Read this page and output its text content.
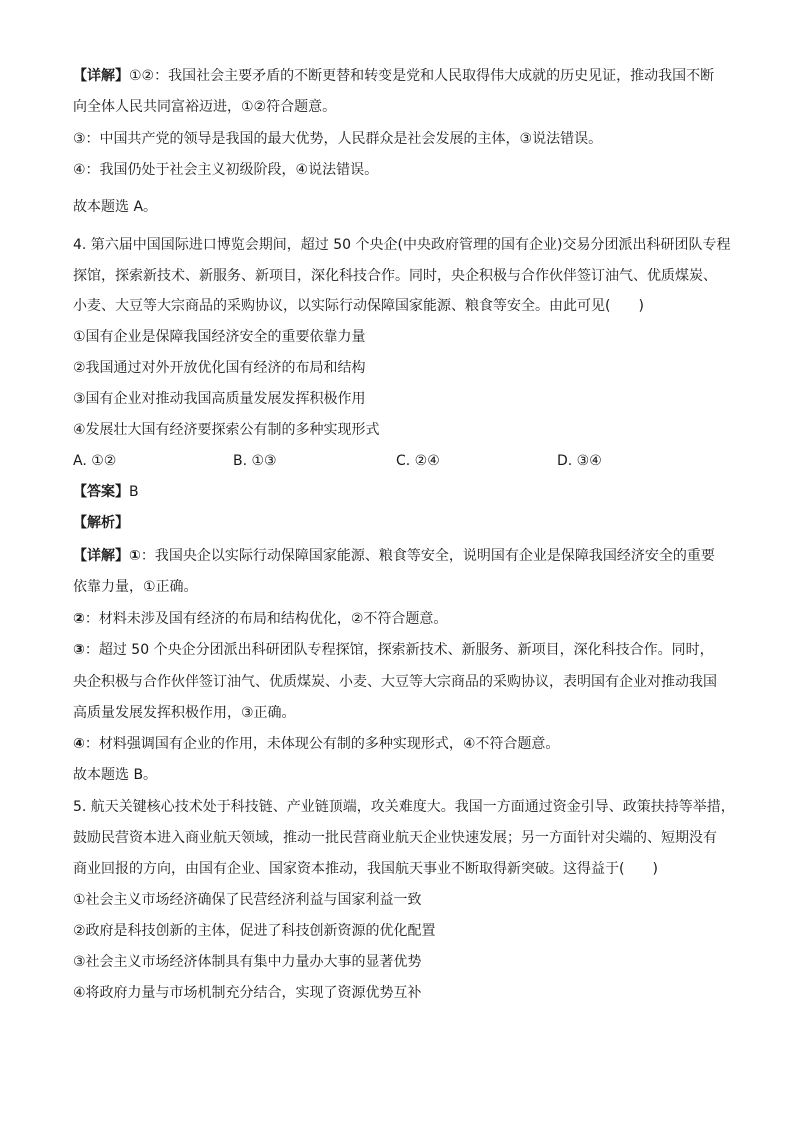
【详解】①②：我国社会主要矛盾的不断更替和转变是党和人民取得伟大成就的历史见证，推动我国不断
向全体人民共同富裕迈进，①②符合题意。
③：中国共产党的领导是我国的最大优势，人民群众是社会发展的主体，③说法错误。
④：我国仍处于社会主义初级阶段，④说法错误。
故本题选 A。
4. 第六届中国国际进口博览会期间，超过 50 个央企(中央政府管理的国有企业)交易分团派出科研团队专程
探馆，探索新技术、新服务、新项目，深化科技合作。同时，央企积极与合作伙伴签订油气、优质煤炭、
小麦、大豆等大宗商品的采购协议，以实际行动保障国家能源、粮食等安全。由此可见(　　)
①国有企业是保障我国经济安全的重要依靠力量
②我国通过对外开放优化国有经济的布局和结构
③国有企业对推动我国高质量发展发挥积极作用
④发展壮大国有经济要探索公有制的多种实现形式
A. ①②	B. ①③	C. ②④	D. ③④
【答案】B
【解析】
【详解】①：我国央企以实际行动保障国家能源、粮食等安全，说明国有企业是保障我国经济安全的重要
依靠力量，①正确。
②：材料未涉及国有经济的布局和结构优化，②不符合题意。
③：超过 50 个央企分团派出科研团队专程探馆，探索新技术、新服务、新项目，深化科技合作。同时，
央企积极与合作伙伴签订油气、优质煤炭、小麦、大豆等大宗商品的采购协议，表明国有企业对推动我国
高质量发展发挥积极作用，③正确。
④：材料强调国有企业的作用，未体现公有制的多种实现形式，④不符合题意。
故本题选 B。
5. 航天关键核心技术处于科技链、产业链顶端，攻关难度大。我国一方面通过资金引导、政策扶持等举措，
鼓励民营资本进入商业航天领域，推动一批民营商业航天企业快速发展；另一方面针对尖端的、短期没有
商业回报的方向，由国有企业、国家资本推动，我国航天事业不断取得新突破。这得益于(　　)
①社会主义市场经济确保了民营经济利益与国家利益一致
②政府是科技创新的主体，促进了科技创新资源的优化配置
③社会主义市场经济体制具有集中力量办大事的显著优势
④将政府力量与市场机制充分结合，实现了资源优势互补
